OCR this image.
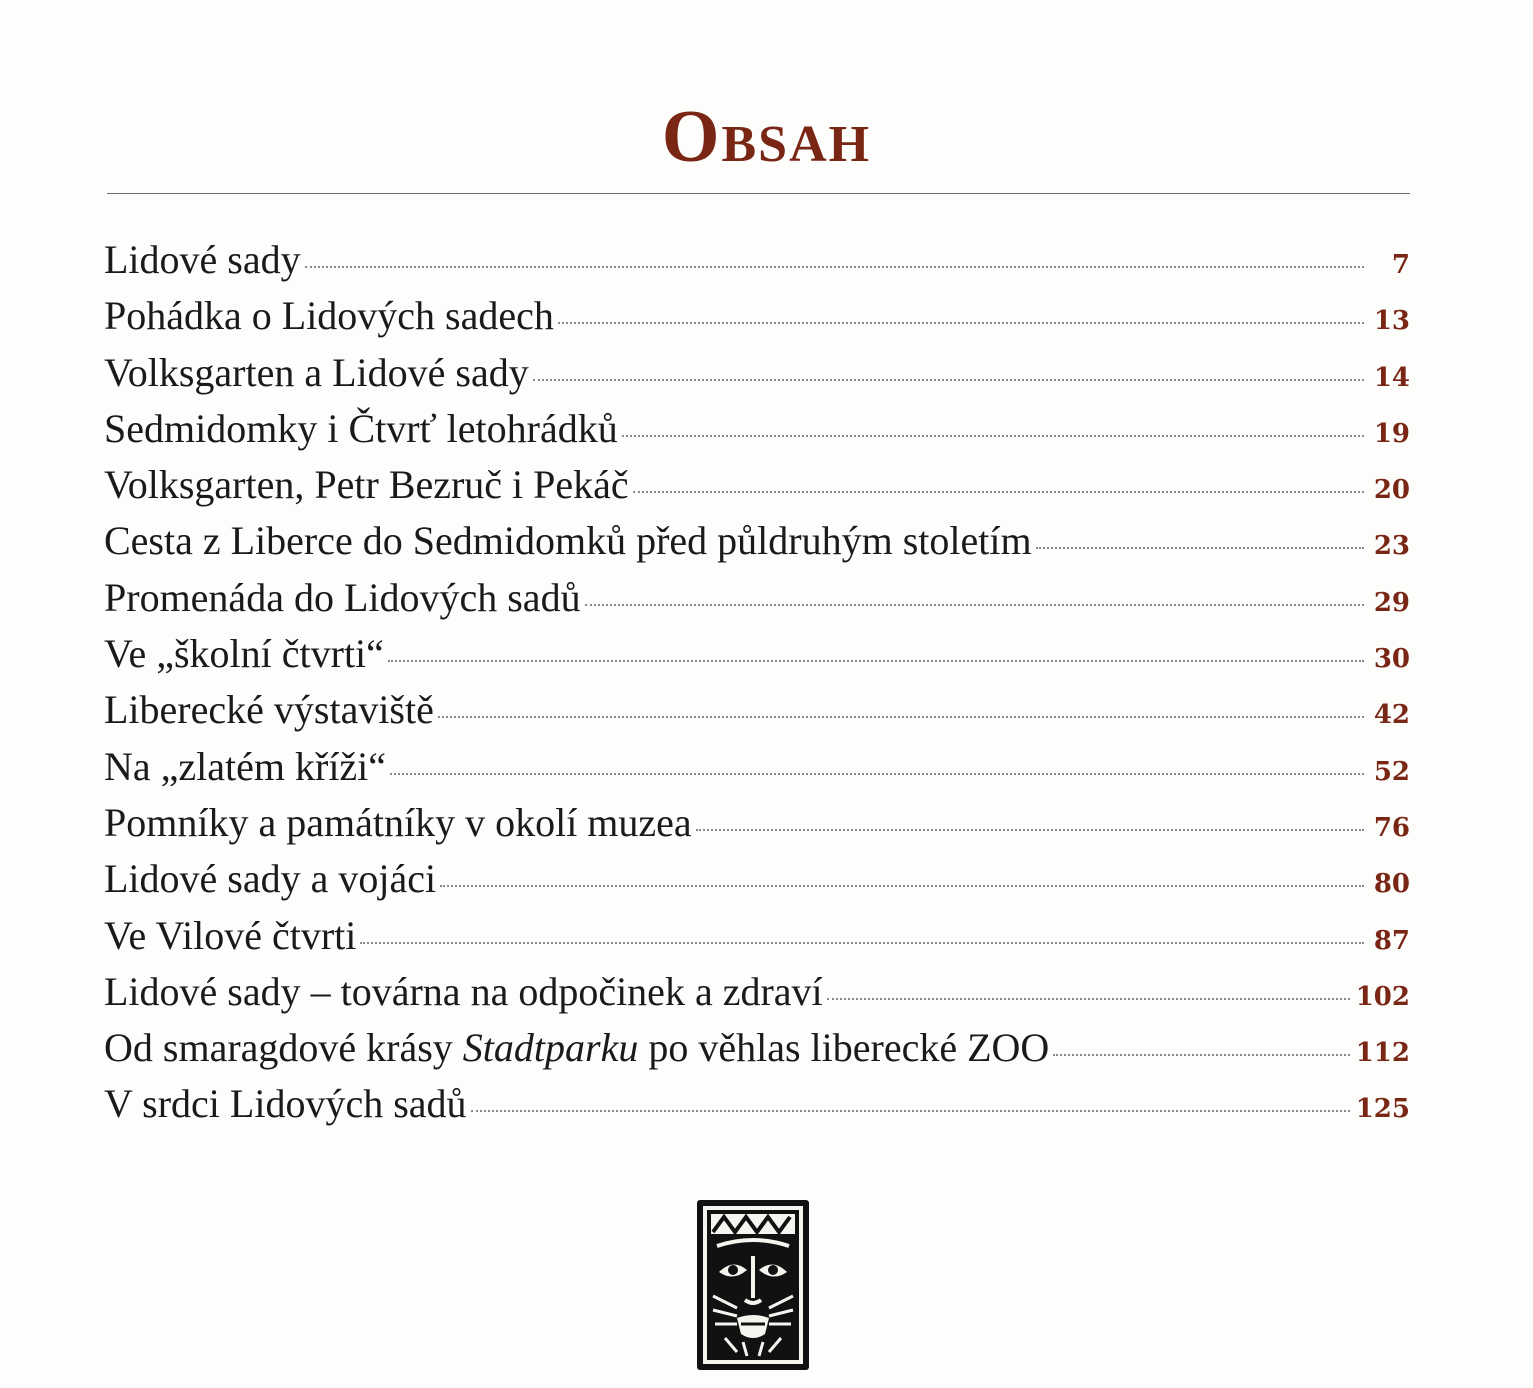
Obsah
Lidové sady	7
Pohádka o Lidových sadech	13
Volksgarten a Lidové sady	14
Sedmidomky i Čtvrť letohrádků	19
Volksgarten, Petr Bezruč i Pekáč	20
Cesta z Liberce do Sedmidomků před půldruhým stoletím	23
Promenáda do Lidových sadů	29
Ve „školní čtvrti“	30
Liberecké výstaviště	42
Na „zlatém kříži“	52
Pomníky a památníky v okolí muzea	76
Lidové sady a vojáci	80
Ve Vilové čtvrti	87
Lidové sady – továrna na odpočinek a zdraví	102
Od smaragdové krásy Stadtparku po věhlas liberecké ZOO	112
V srdci Lidových sadů	125
